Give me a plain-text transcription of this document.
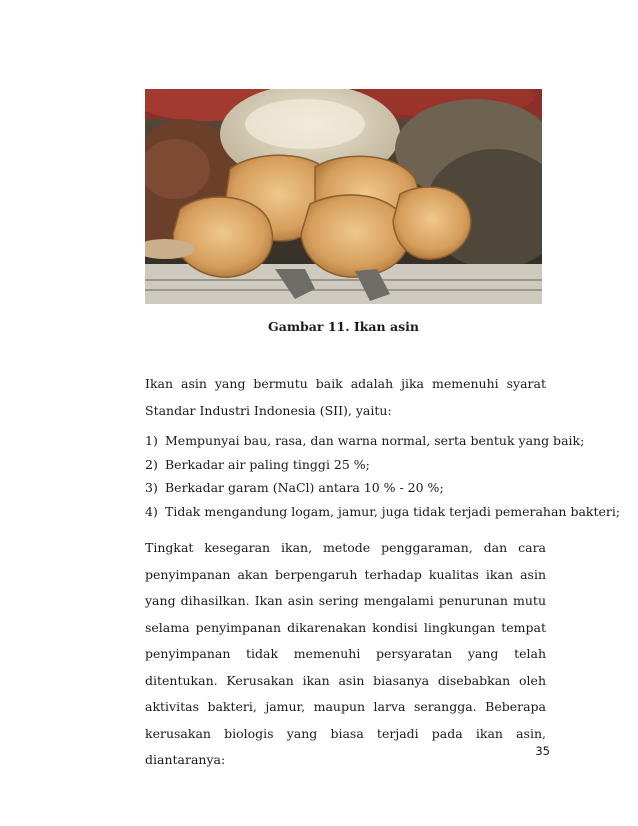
Gambar 11. Ikan asin

Ikan asin yang bermutu baik adalah jika memenuhi syarat Standar Industri Indonesia (SII), yaitu:

1) Mempunyai bau, rasa, dan warna normal, serta bentuk yang baik;
2) Berkadar air paling tinggi 25 %;
3) Berkadar garam (NaCl) antara 10 % - 20 %;
4) Tidak mengandung logam, jamur, juga tidak terjadi pemerahan bakteri;

Tingkat kesegaran ikan, metode penggaraman, dan cara penyimpanan akan berpengaruh terhadap kualitas ikan asin yang dihasilkan. Ikan asin sering mengalami penurunan mutu selama penyimpanan dikarenakan kondisi lingkungan tempat penyimpanan tidak memenuhi persyaratan yang telah ditentukan. Kerusakan ikan asin biasanya disebabkan oleh aktivitas bakteri, jamur, maupun larva serangga. Beberapa kerusakan biologis yang biasa terjadi pada ikan asin, diantaranya:

35
